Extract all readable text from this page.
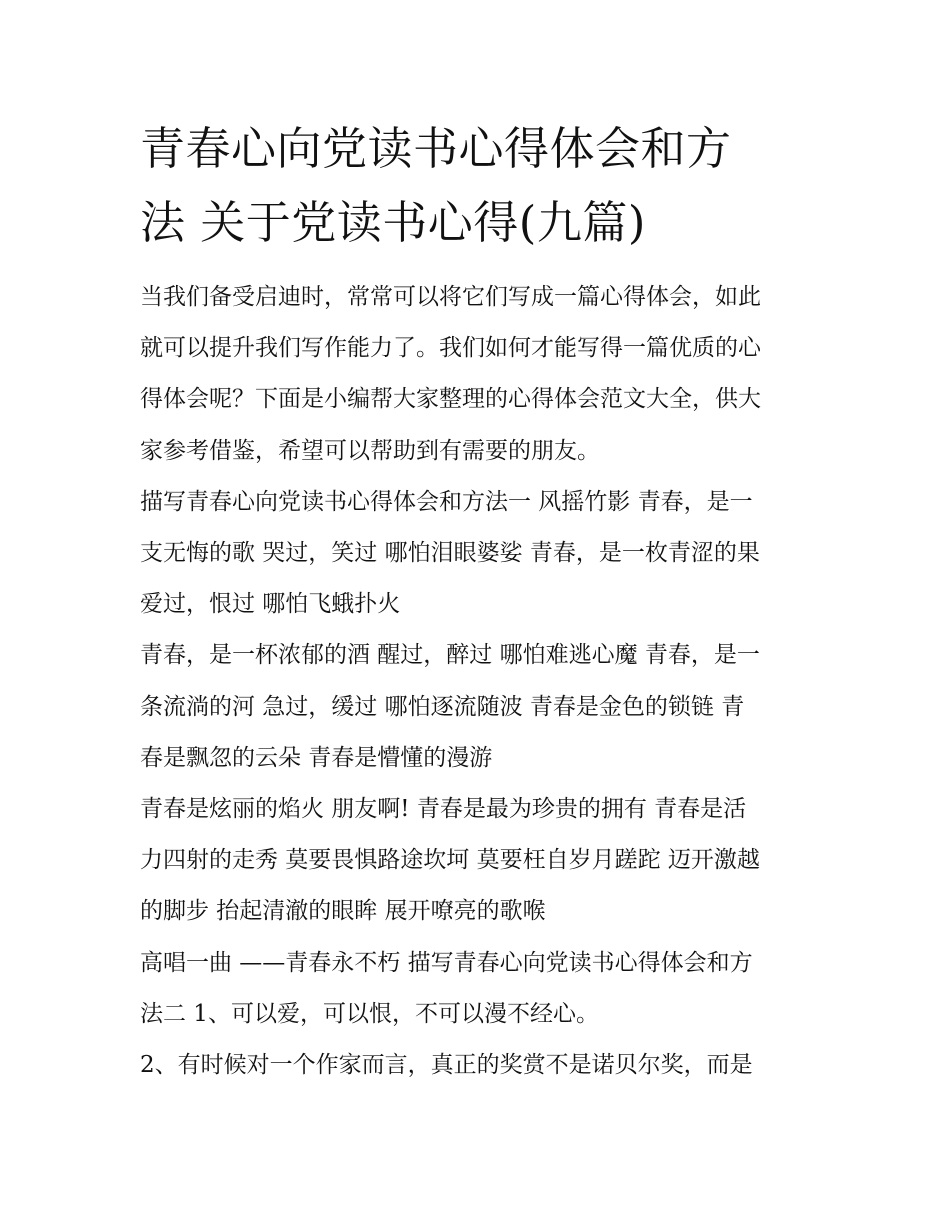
青春心向党读书心得体会和方
法 关于党读书心得(九篇)
当我们备受启迪时，常常可以将它们写成一篇心得体会，如此
就可以提升我们写作能力了。我们如何才能写得一篇优质的心
得体会呢？下面是小编帮大家整理的心得体会范文大全，供大
家参考借鉴，希望可以帮助到有需要的朋友。
描写青春心向党读书心得体会和方法一 风摇竹影 青春，是一
支无悔的歌 哭过，笑过 哪怕泪眼婆娑 青春，是一枚青涩的果
爱过，恨过 哪怕飞蛾扑火
青春，是一杯浓郁的酒 醒过，醉过 哪怕难逃心魔 青春，是一
条流淌的河 急过，缓过 哪怕逐流随波 青春是金色的锁链 青
春是飘忽的云朵 青春是懵懂的漫游
青春是炫丽的焰火 朋友啊! 青春是最为珍贵的拥有 青春是活
力四射的走秀 莫要畏惧路途坎坷 莫要枉自岁月蹉跎 迈开激越
的脚步 抬起清澈的眼眸 展开嘹亮的歌喉
高唱一曲 ——青春永不朽 描写青春心向党读书心得体会和方
法二 1、可以爱，可以恨，不可以漫不经心。
2、有时候对一个作家而言，真正的奖赏不是诺贝尔奖，而是
